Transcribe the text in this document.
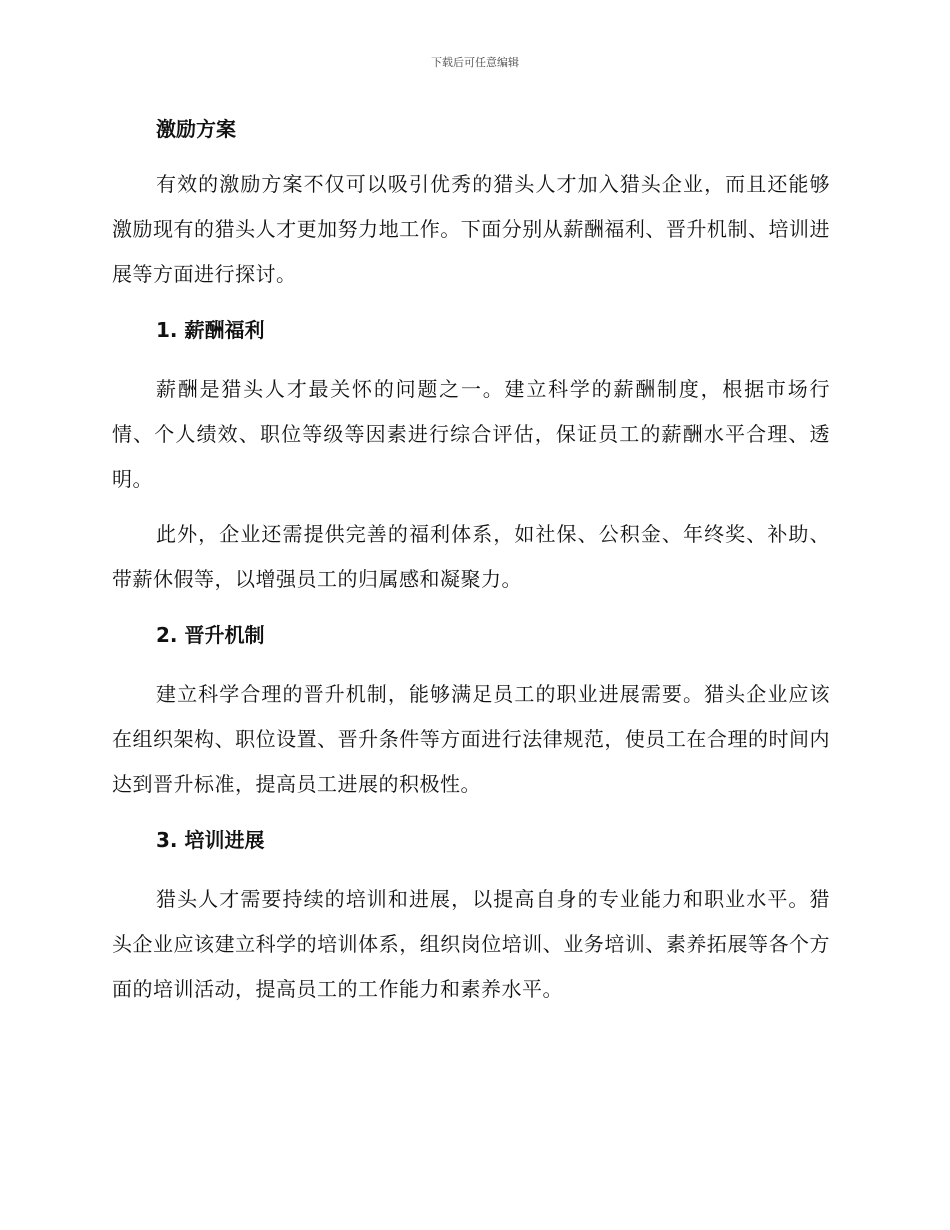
下载后可任意编辑

激励方案

有效的激励方案不仅可以吸引优秀的猎头人才加入猎头企业，而且还能够激励现有的猎头人才更加努力地工作。下面分别从薪酬福利、晋升机制、培训进展等方面进行探讨。

1. 薪酬福利

薪酬是猎头人才最关怀的问题之一。建立科学的薪酬制度，根据市场行情、个人绩效、职位等级等因素进行综合评估，保证员工的薪酬水平合理、透明。

此外，企业还需提供完善的福利体系，如社保、公积金、年终奖、补助、带薪休假等，以增强员工的归属感和凝聚力。

2. 晋升机制

建立科学合理的晋升机制，能够满足员工的职业进展需要。猎头企业应该在组织架构、职位设置、晋升条件等方面进行法律规范，使员工在合理的时间内达到晋升标准，提高员工进展的积极性。

3. 培训进展

猎头人才需要持续的培训和进展，以提高自身的专业能力和职业水平。猎头企业应该建立科学的培训体系，组织岗位培训、业务培训、素养拓展等各个方面的培训活动，提高员工的工作能力和素养水平。
